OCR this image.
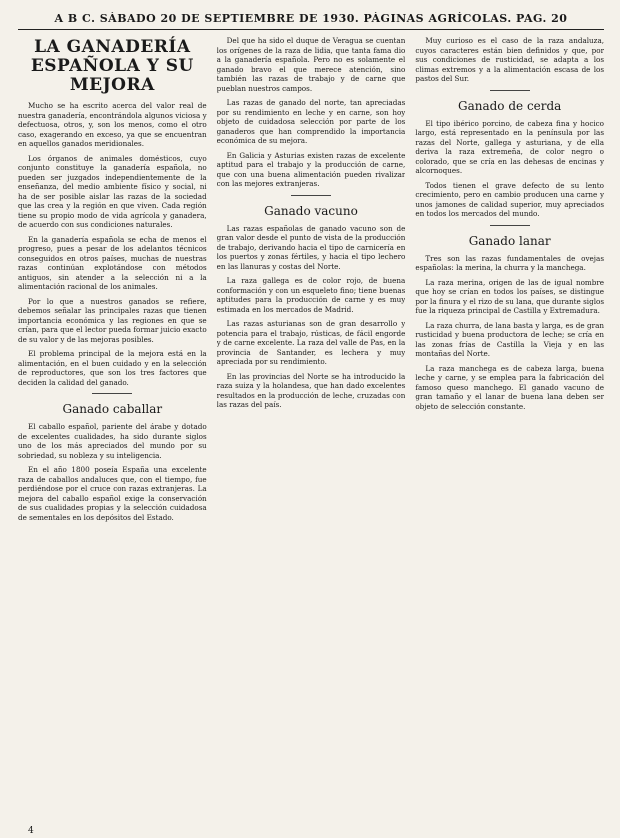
A B C. SÁBADO 20 DE SEPTIEMBRE DE 1930. PÁGINAS AGRÍCOLAS. PAG. 20
LA GANADERÍA ESPAÑOLA Y SU MEJORA

Mucho se ha escrito acerca del valor real de nuestra ganadería, encontrándola algunos viciosa y defectuosa, otros, y, son los menos, como el otro caso, exagerando en exceso, ya que se encuentran en aquellos ganados meridionales.

Los órganos de animales domésticos, cuyo conjunto constituye la ganadería española, no pueden ser juzgados independientemente de la enseñanza, del medio ambiente físico y social, ni ha de ser posible aislar las razas de la sociedad que las crea y la región en que viven. Cada región tiene su propio modo de vida agrícola y ganadera, de acuerdo con sus condiciones naturales.

En la ganadería española se echa de menos el progreso, pues a pesar de los adelantos técnicos conseguidos en otros países, muchas de nuestras razas continúan explotándose con métodos antiguos, sin atender a la selección ni a la alimentación racional de los animales.

Por lo que a nuestros ganados se refiere, debemos señalar las principales razas que tienen importancia económica y las regiones en que se crían, para que el lector pueda formar juicio exacto de su valor y de las mejoras posibles.

El problema principal de la mejora está en la alimentación, en el buen cuidado y en la selección de reproductores, que son los tres factores que deciden la calidad del ganado.

Ganado caballar

El caballo español, pariente del árabe y dotado de excelentes cualidades, ha sido durante siglos uno de los más apreciados del mundo por su sobriedad, su nobleza y su inteligencia.

En el año 1800 poseía España una excelente raza de caballos andaluces que, con el tiempo, fue perdiéndose por el cruce con razas extranjeras. La mejora del caballo español exige la conservación de sus cualidades propias y la selección cuidadosa de sementales en los depósitos del Estado.

Del que ha sido el duque de Veragua se cuentan los orígenes de la raza de lidia, que tanta fama dio a la ganadería española. Pero no es solamente el ganado bravo el que merece atención, sino también las razas de trabajo y de carne que pueblan nuestros campos.

Las razas de ganado del norte, tan apreciadas por su rendimiento en leche y en carne, son hoy objeto de cuidadosa selección por parte de los ganaderos que han comprendido la importancia económica de su mejora.

En Galicia y Asturias existen razas de excelente aptitud para el trabajo y la producción de carne, que con una buena alimentación pueden rivalizar con las mejores extranjeras.

Ganado vacuno

Las razas españolas de ganado vacuno son de gran valor desde el punto de vista de la producción de trabajo, derivando hacia el tipo de carnicería en los puertos y zonas fértiles, y hacia el tipo lechero en las llanuras y costas del Norte.

La raza gallega es de color rojo, de buena conformación y con un esqueleto fino; tiene buenas aptitudes para la producción de carne y es muy estimada en los mercados de Madrid.

Las razas asturianas son de gran desarrollo y potencia para el trabajo, rústicas, de fácil engorde y de carne excelente. La raza del valle de Pas, en la provincia de Santander, es lechera y muy apreciada por su rendimiento.

En las provincias del Norte se ha introducido la raza suiza y la holandesa, que han dado excelentes resultados en la producción de leche, cruzadas con las razas del país.

Muy curioso es el caso de la raza andaluza, cuyos caracteres están bien definidos y que, por sus condiciones de rusticidad, se adapta a los climas extremos y a la alimentación escasa de los pastos del Sur.

Ganado de cerda

El tipo ibérico porcino, de cabeza fina y hocico largo, está representado en la península por las razas del Norte, gallega y asturiana, y de ella deriva la raza extremeña, de color negro o colorado, que se cría en las dehesas de encinas y alcornoques.

Todos tienen el grave defecto de su lento crecimiento, pero en cambio producen una carne y unos jamones de calidad superior, muy apreciados en todos los mercados del mundo.

Ganado lanar

Tres son las razas fundamentales de ovejas españolas: la merina, la churra y la manchega.

La raza merina, origen de las de igual nombre que hoy se crían en todos los países, se distingue por la finura y el rizo de su lana, que durante siglos fue la riqueza principal de Castilla y Extremadura.

La raza churra, de lana basta y larga, es de gran rusticidad y buena productora de leche; se cría en las zonas frías de Castilla la Vieja y en las montañas del Norte.

La raza manchega es de cabeza larga, buena leche y carne, y se emplea para la fabricación del famoso queso manchego. El ganado vacuno de gran tamaño y el lanar de buena lana deben ser objeto de selección constante.

4
